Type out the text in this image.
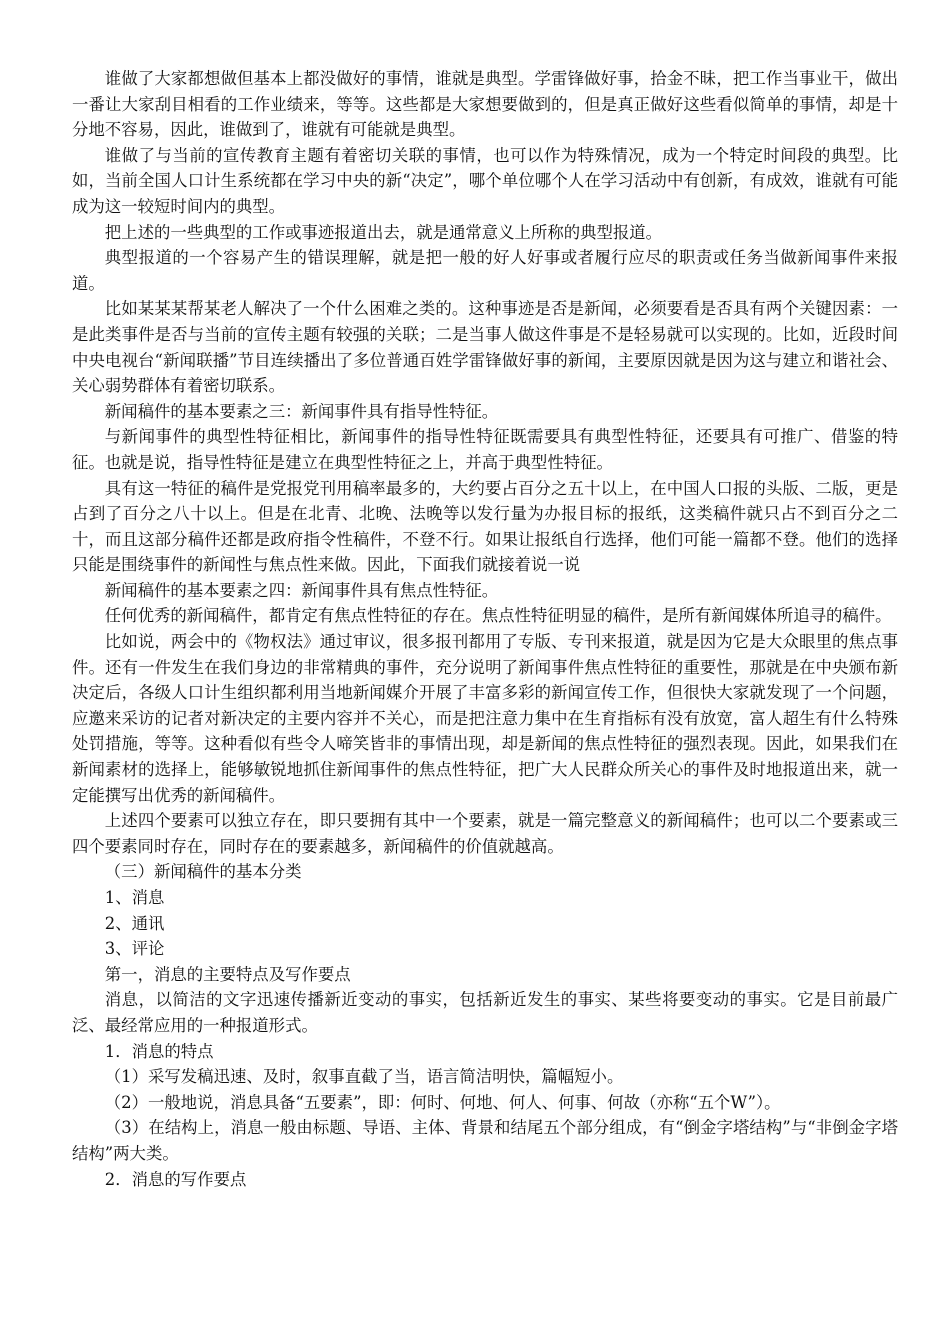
谁做了大家都想做但基本上都没做好的事情，谁就是典型。学雷锋做好事，拾金不昧，把工作当事业干，做出一番让大家刮目相看的工作业绩来，等等。这些都是大家想要做到的，但是真正做好这些看似简单的事情，却是十分地不容易，因此，谁做到了，谁就有可能就是典型。

谁做了与当前的宣传教育主题有着密切关联的事情，也可以作为特殊情况，成为一个特定时间段的典型。比如，当前全国人口计生系统都在学习中央的新“决定”，哪个单位哪个人在学习活动中有创新，有成效，谁就有可能成为这一较短时间内的典型。

把上述的一些典型的工作或事迹报道出去，就是通常意义上所称的典型报道。

典型报道的一个容易产生的错误理解，就是把一般的好人好事或者履行应尽的职责或任务当做新闻事件来报道。

比如某某某帮某老人解决了一个什么困难之类的。这种事迹是否是新闻，必须要看是否具有两个关键因素：一是此类事件是否与当前的宣传主题有较强的关联；二是当事人做这件事是不是轻易就可以实现的。比如，近段时间中央电视台“新闻联播”节目连续播出了多位普通百姓学雷锋做好事的新闻，主要原因就是因为这与建立和谐社会、关心弱势群体有着密切联系。

新闻稿件的基本要素之三：新闻事件具有指导性特征。

与新闻事件的典型性特征相比，新闻事件的指导性特征既需要具有典型性特征，还要具有可推广、借鉴的特征。也就是说，指导性特征是建立在典型性特征之上，并高于典型性特征。

具有这一特征的稿件是党报党刊用稿率最多的，大约要占百分之五十以上，在中国人口报的头版、二版，更是占到了百分之八十以上。但是在北青、北晚、法晚等以发行量为办报目标的报纸，这类稿件就只占不到百分之二十，而且这部分稿件还都是政府指令性稿件，不登不行。如果让报纸自行选择，他们可能一篇都不登。他们的选择只能是围绕事件的新闻性与焦点性来做。因此，下面我们就接着说一说

新闻稿件的基本要素之四：新闻事件具有焦点性特征。

任何优秀的新闻稿件，都肯定有焦点性特征的存在。焦点性特征明显的稿件，是所有新闻媒体所追寻的稿件。

比如说，两会中的《物权法》通过审议，很多报刊都用了专版、专刊来报道，就是因为它是大众眼里的焦点事件。还有一件发生在我们身边的非常精典的事件，充分说明了新闻事件焦点性特征的重要性，那就是在中央颁布新决定后，各级人口计生组织都利用当地新闻媒介开展了丰富多彩的新闻宣传工作，但很快大家就发现了一个问题，应邀来采访的记者对新决定的主要内容并不关心，而是把注意力集中在生育指标有没有放宽，富人超生有什么特殊处罚措施，等等。这种看似有些令人啼笑皆非的事情出现，却是新闻的焦点性特征的强烈表现。因此，如果我们在新闻素材的选择上，能够敏锐地抓住新闻事件的焦点性特征，把广大人民群众所关心的事件及时地报道出来，就一定能撰写出优秀的新闻稿件。

上述四个要素可以独立存在，即只要拥有其中一个要素，就是一篇完整意义的新闻稿件；也可以二个要素或三四个要素同时存在，同时存在的要素越多，新闻稿件的价值就越高。

（三）新闻稿件的基本分类

1、消息

2、通讯

3、评论

第一，消息的主要特点及写作要点

消息，以简洁的文字迅速传播新近变动的事实，包括新近发生的事实、某些将要变动的事实。它是目前最广泛、最经常应用的一种报道形式。

1．消息的特点

（1）采写发稿迅速、及时，叙事直截了当，语言简洁明快，篇幅短小。

（2）一般地说，消息具备“五要素”，即：何时、何地、何人、何事、何故（亦称“五个W”）。

（3）在结构上，消息一般由标题、导语、主体、背景和结尾五个部分组成，有“倒金字塔结构”与“非倒金字塔结构”两大类。

2．消息的写作要点
